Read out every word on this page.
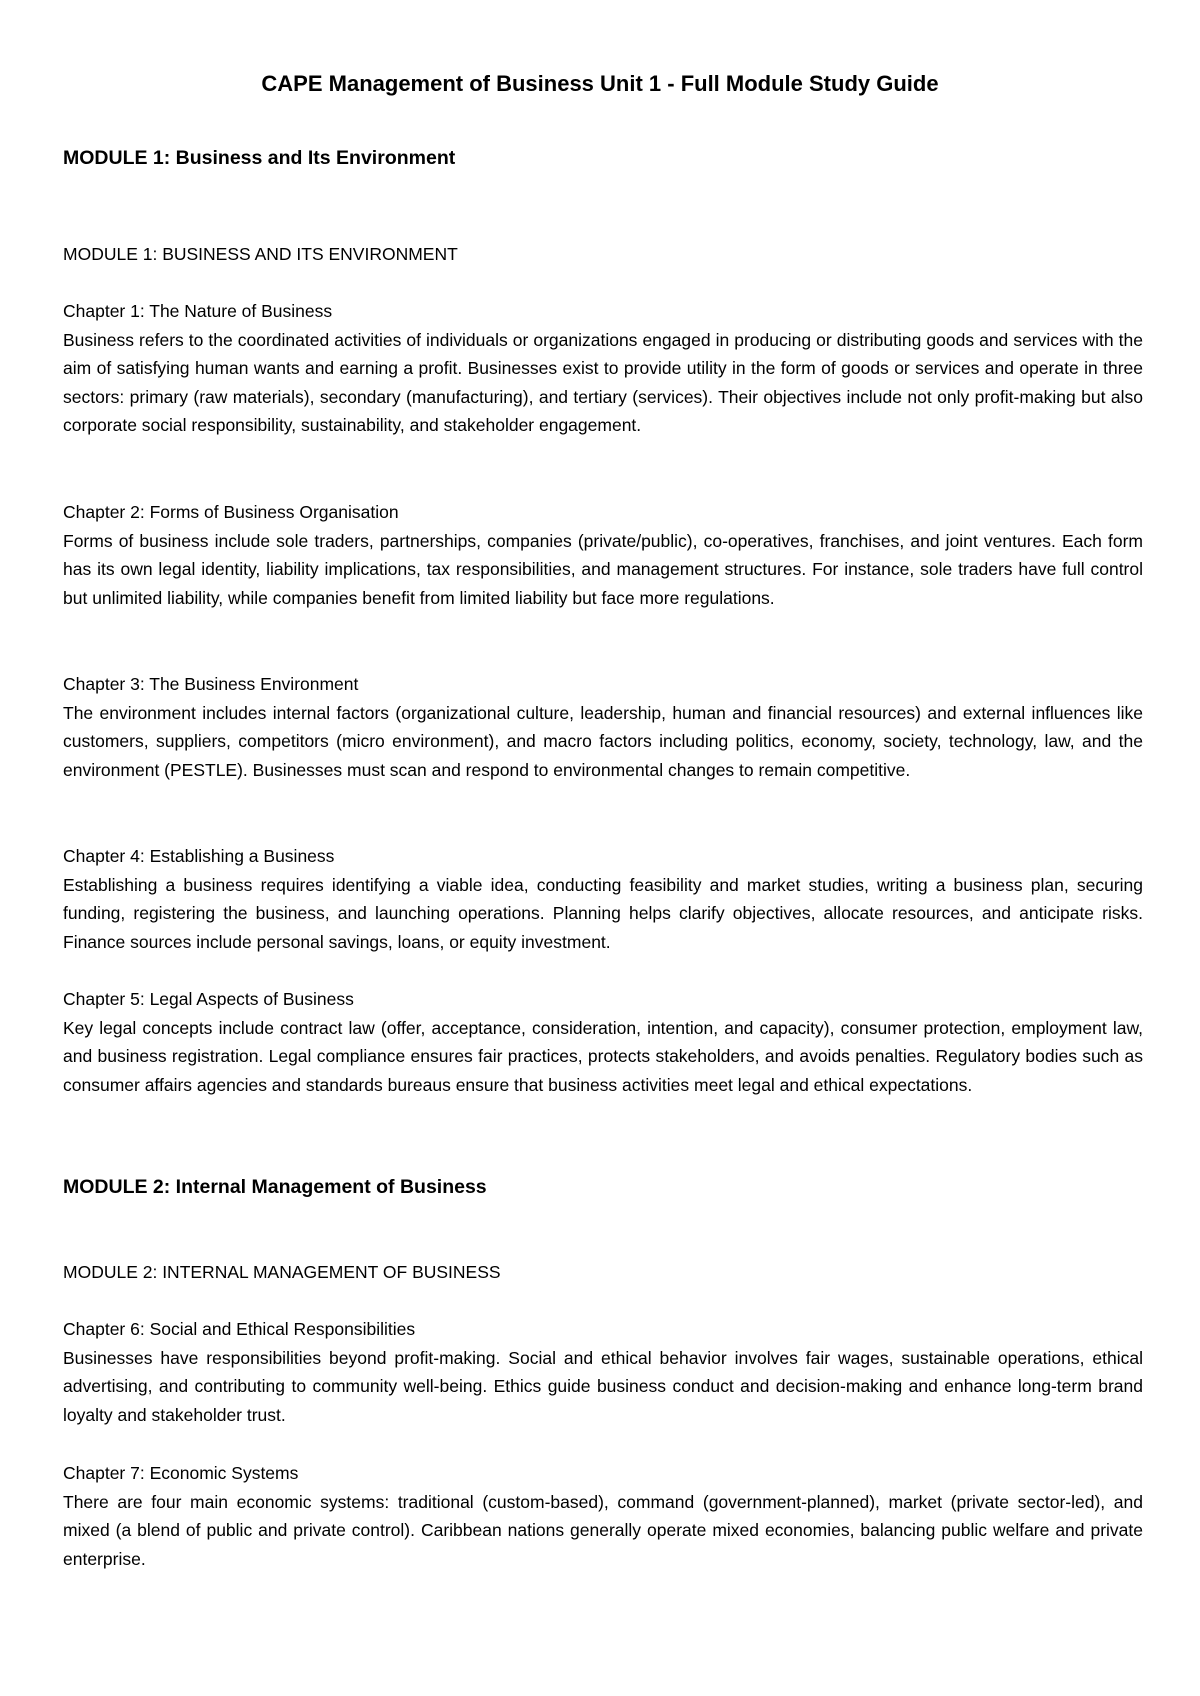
CAPE Management of Business Unit 1 - Full Module Study Guide
MODULE 1: Business and Its Environment
MODULE 1: BUSINESS AND ITS ENVIRONMENT

Chapter 1: The Nature of Business

Business refers to the coordinated activities of individuals or organizations engaged in producing or distributing goods and services with the aim of satisfying human wants and earning a profit. Businesses exist to provide utility in the form of goods or services and operate in three sectors: primary (raw materials), secondary (manufacturing), and tertiary (services). Their objectives include not only profit-making but also corporate social responsibility, sustainability, and stakeholder engagement.

Chapter 2: Forms of Business Organisation

Forms of business include sole traders, partnerships, companies (private/public), co-operatives, franchises, and joint ventures. Each form has its own legal identity, liability implications, tax responsibilities, and management structures. For instance, sole traders have full control but unlimited liability, while companies benefit from limited liability but face more regulations.

Chapter 3: The Business Environment

The environment includes internal factors (organizational culture, leadership, human and financial resources) and external influences like customers, suppliers, competitors (micro environment), and macro factors including politics, economy, society, technology, law, and the environment (PESTLE). Businesses must scan and respond to environmental changes to remain competitive.

Chapter 4: Establishing a Business

Establishing a business requires identifying a viable idea, conducting feasibility and market studies, writing a business plan, securing funding, registering the business, and launching operations. Planning helps clarify objectives, allocate resources, and anticipate risks. Finance sources include personal savings, loans, or equity investment.

Chapter 5: Legal Aspects of Business

Key legal concepts include contract law (offer, acceptance, consideration, intention, and capacity), consumer protection, employment law, and business registration. Legal compliance ensures fair practices, protects stakeholders, and avoids penalties. Regulatory bodies such as consumer affairs agencies and standards bureaus ensure that business activities meet legal and ethical expectations.

MODULE 2: Internal Management of Business
MODULE 2: INTERNAL MANAGEMENT OF BUSINESS

Chapter 6: Social and Ethical Responsibilities

Businesses have responsibilities beyond profit-making. Social and ethical behavior involves fair wages, sustainable operations, ethical advertising, and contributing to community well-being. Ethics guide business conduct and decision-making and enhance long-term brand loyalty and stakeholder trust.

Chapter 7: Economic Systems

There are four main economic systems: traditional (custom-based), command (government-planned), market (private sector-led), and mixed (a blend of public and private control). Caribbean nations generally operate mixed economies, balancing public welfare and private enterprise.
